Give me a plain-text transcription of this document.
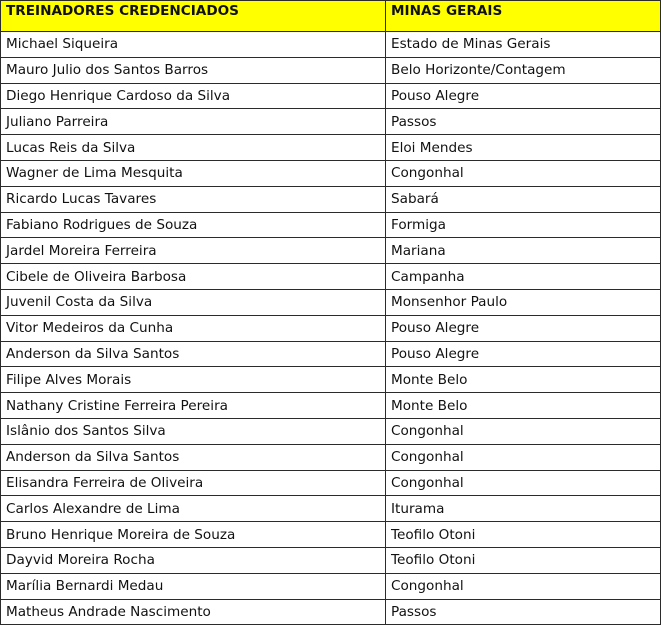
TREINADORES CREDENCIADOS	MINAS GERAIS
Michael Siqueira	Estado de Minas Gerais
Mauro Julio dos Santos Barros	Belo Horizonte/Contagem
Diego Henrique Cardoso da Silva	Pouso Alegre
Juliano Parreira	Passos
Lucas Reis da Silva	Eloi Mendes
Wagner de Lima Mesquita	Congonhal
Ricardo Lucas Tavares	Sabará
Fabiano Rodrigues de Souza	Formiga
Jardel Moreira Ferreira	Mariana
Cibele de Oliveira Barbosa	Campanha
Juvenil Costa da Silva	Monsenhor Paulo
Vitor Medeiros da Cunha	Pouso Alegre
Anderson da Silva Santos	Pouso Alegre
Filipe Alves Morais	Monte Belo
Nathany Cristine Ferreira Pereira	Monte Belo
Islânio dos Santos Silva	Congonhal
Anderson da Silva Santos	Congonhal
Elisandra Ferreira de Oliveira	Congonhal
Carlos Alexandre de Lima	Iturama
Bruno Henrique Moreira de Souza	Teofilo Otoni
Dayvid Moreira Rocha	Teofilo Otoni
Marília Bernardi Medau	Congonhal
Matheus Andrade Nascimento	Passos
